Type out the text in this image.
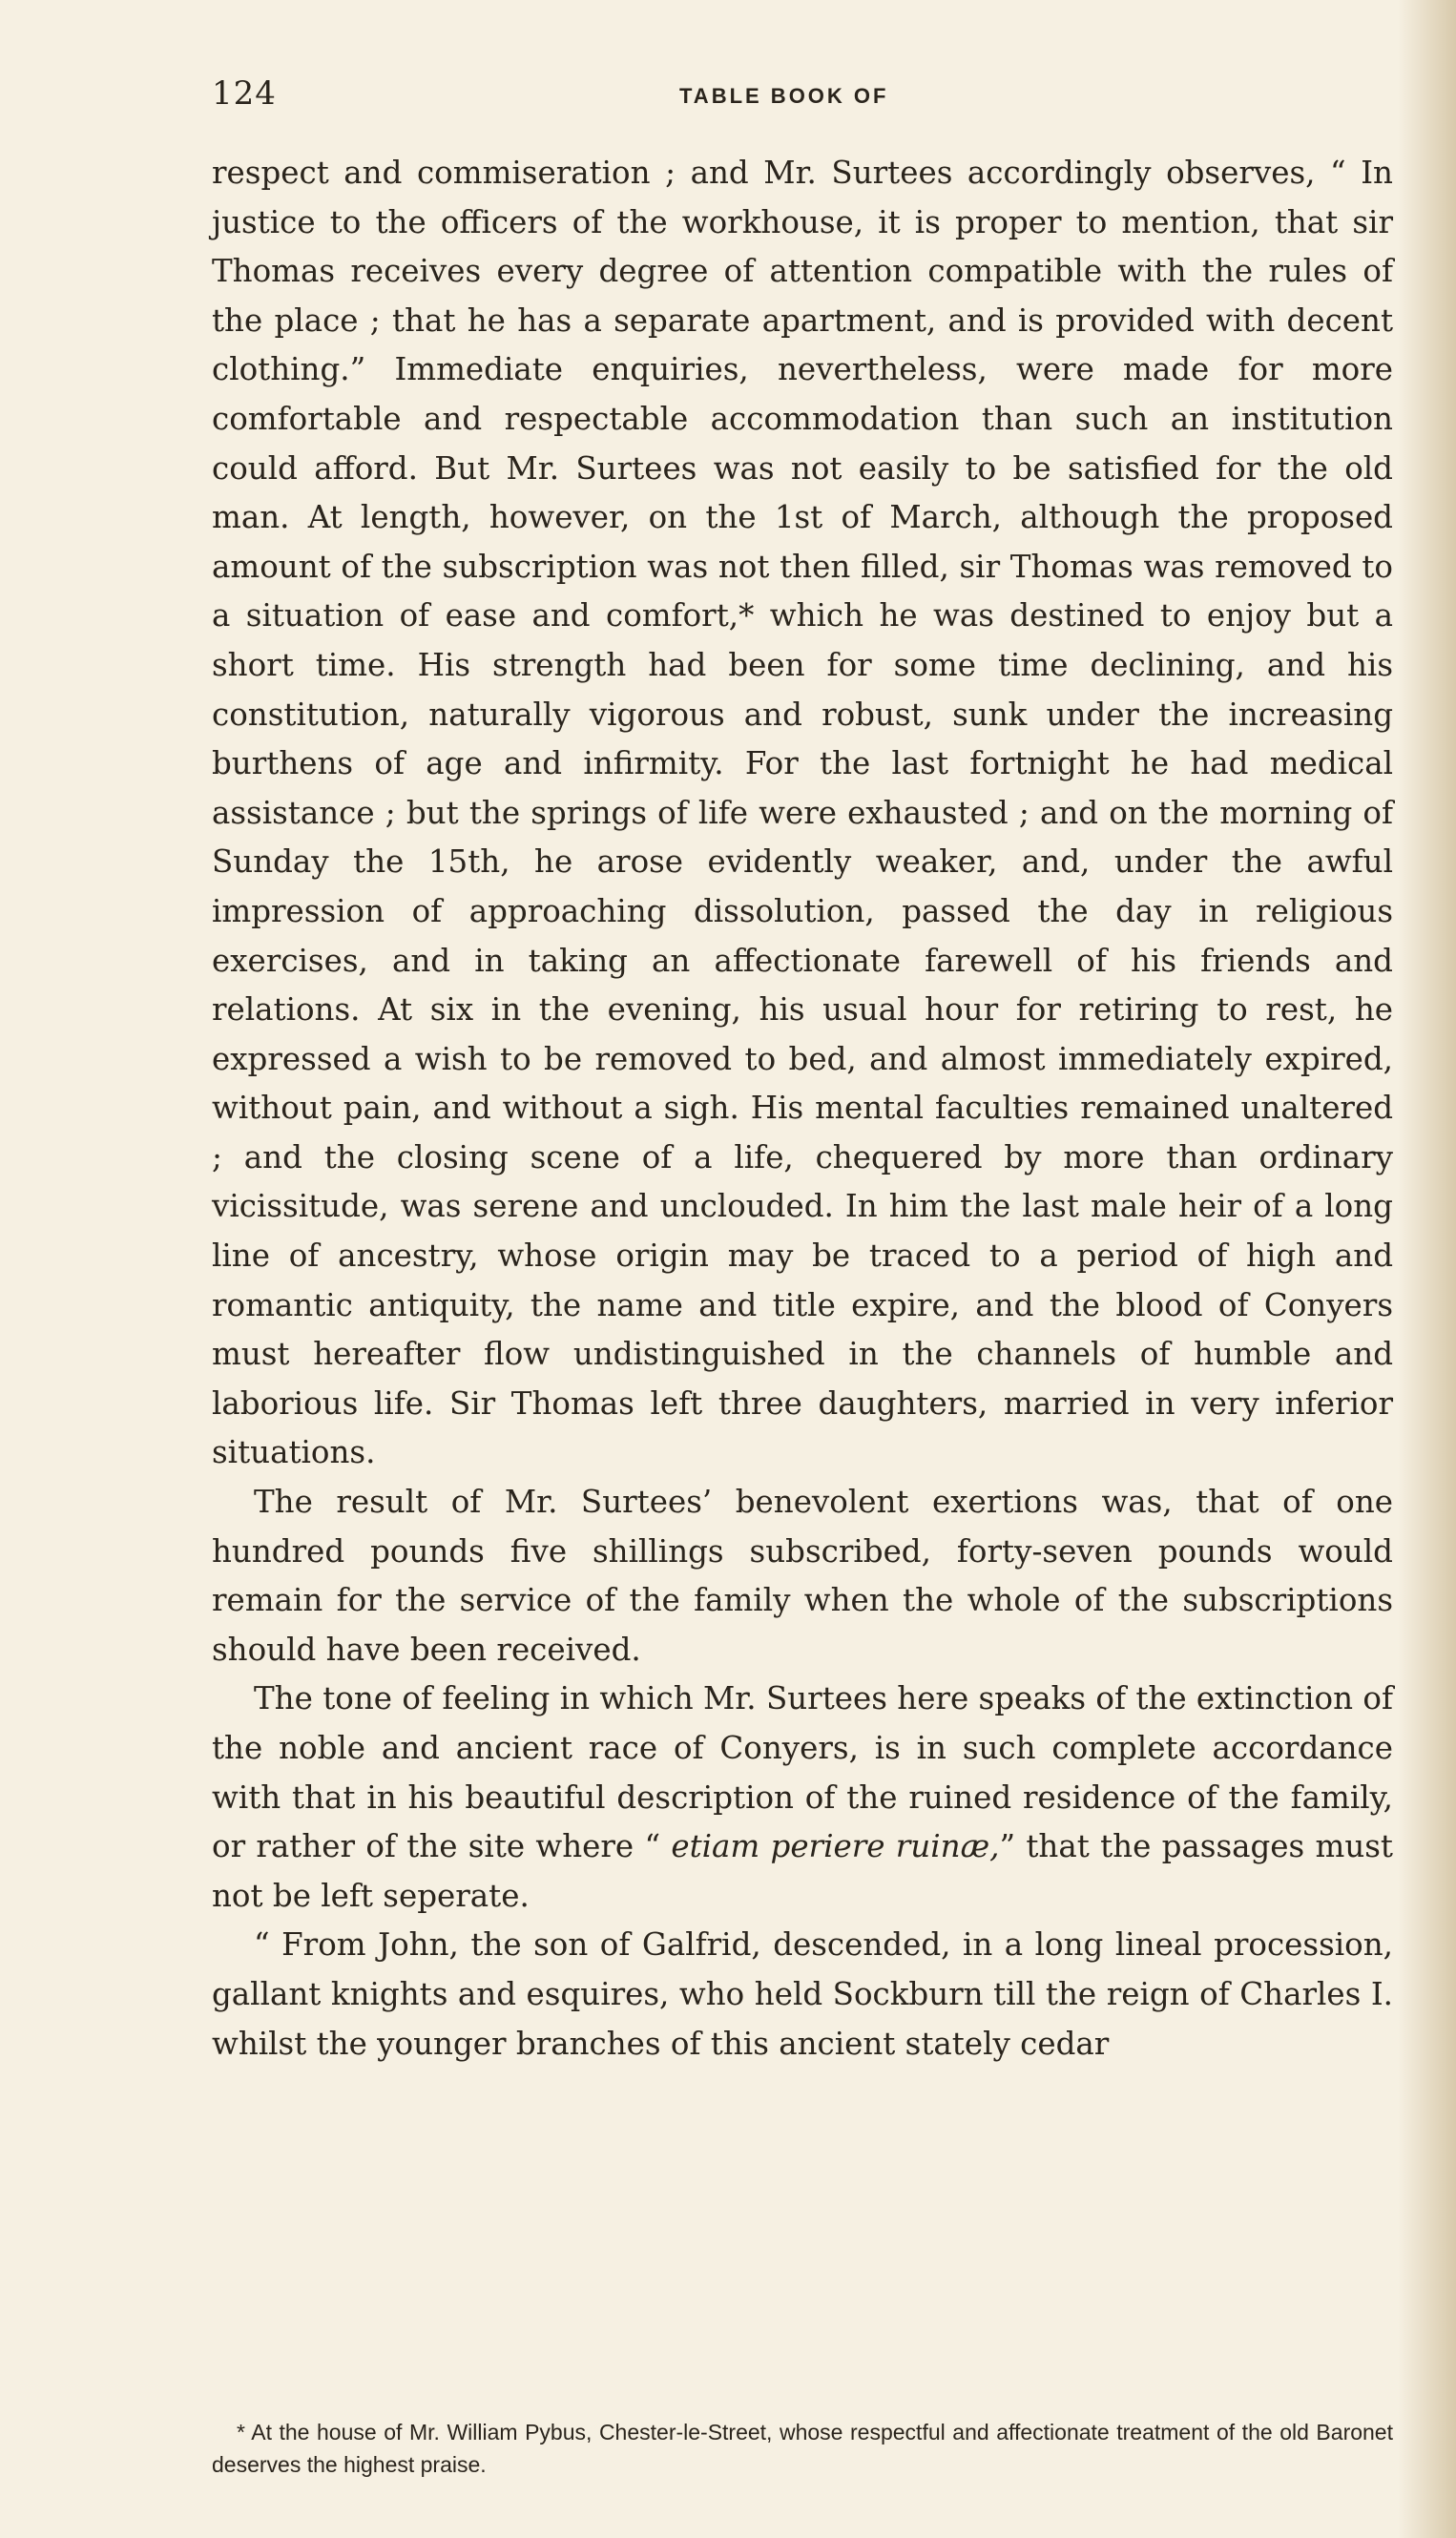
124	TABLE BOOK OF

respect and commiseration ; and Mr. Surtees accordingly observes, “ In justice to the officers of the workhouse, it is proper to mention, that sir Thomas receives every degree of attention compatible with the rules of the place ; that he has a separate apartment, and is provided with decent clothing.” Immediate enquiries, nevertheless, were made for more comfortable and respectable accommodation than such an institution could afford. But Mr. Surtees was not easily to be satisfied for the old man. At length, however, on the 1st of March, although the proposed amount of the subscription was not then filled, sir Thomas was removed to a situation of ease and comfort,* which he was destined to enjoy but a short time. His strength had been for some time declining, and his constitution, naturally vigorous and robust, sunk under the increasing burthens of age and infirmity. For the last fortnight he had medical assistance ; but the springs of life were exhausted ; and on the morning of Sunday the 15th, he arose evidently weaker, and, under the awful impression of approaching dissolution, passed the day in religious exercises, and in taking an affectionate farewell of his friends and relations. At six in the evening, his usual hour for retiring to rest, he expressed a wish to be removed to bed, and almost immediately expired, without pain, and without a sigh. His mental faculties remained unaltered ; and the closing scene of a life, chequered by more than ordinary vicissitude, was serene and unclouded. In him the last male heir of a long line of ancestry, whose origin may be traced to a period of high and romantic antiquity, the name and title expire, and the blood of Conyers must hereafter flow undistinguished in the channels of humble and laborious life. Sir Thomas left three daughters, married in very inferior situations.

The result of Mr. Surtees’ benevolent exertions was, that of one hundred pounds five shillings subscribed, forty-seven pounds would remain for the service of the family when the whole of the subscriptions should have been received.

The tone of feeling in which Mr. Surtees here speaks of the extinction of the noble and ancient race of Conyers, is in such complete accordance with that in his beautiful description of the ruined residence of the family, or rather of the site where “ etiam periere ruinæ,” that the passages must not be left seperate.

“ From John, the son of Galfrid, descended, in a long lineal procession, gallant knights and esquires, who held Sockburn till the reign of Charles I. whilst the younger branches of this ancient stately cedar

* At the house of Mr. William Pybus, Chester-le-Street, whose respectful and affectionate treatment of the old Baronet deserves the highest praise.
